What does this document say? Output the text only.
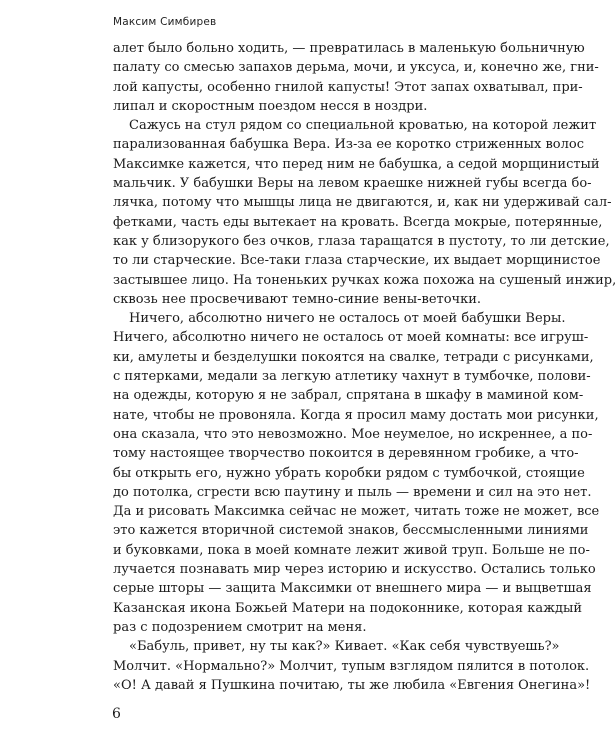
Максим Симбирев
алет было больно ходить, — превратилась в маленькую больничную
палату со смесью запахов дерьма, мочи, и уксуса, и, конечно же, гни-
лой капусты, особенно гнилой капусты! Этот запах охватывал, при-
липал и скоростным поездом несся в ноздри.
Сажусь на стул рядом со специальной кроватью, на которой лежит
парализованная бабушка Вера. Из-за ее коротко стриженных волос
Максимке кажется, что перед ним не бабушка, а седой морщинистый
мальчик. У бабушки Веры на левом краешке нижней губы всегда бо-
лячка, потому что мышцы лица не двигаются, и, как ни удерживай сал-
фетками, часть еды вытекает на кровать. Всегда мокрые, потерянные,
как у близорукого без очков, глаза таращатся в пустоту, то ли детские,
то ли старческие. Все-таки глаза старческие, их выдает морщинистое
застывшее лицо. На тоненьких ручках кожа похожа на сушеный инжир,
сквозь нее просвечивают темно-синие вены-веточки.
Ничего, абсолютно ничего не осталось от моей бабушки Веры.
Ничего, абсолютно ничего не осталось от моей комнаты: все игруш-
ки, амулеты и безделушки покоятся на свалке, тетради с рисунками,
с пятерками, медали за легкую атлетику чахнут в тумбочке, полови-
на одежды, которую я не забрал, спрятана в шкафу в маминой ком-
нате, чтобы не провоняла. Когда я просил маму достать мои рисунки,
она сказала, что это невозможно. Мое неумелое, но искреннее, а по-
тому настоящее творчество покоится в деревянном гробике, а что-
бы открыть его, нужно убрать коробки рядом с тумбочкой, стоящие
до потолка, сгрести всю паутину и пыль — времени и сил на это нет.
Да и рисовать Максимка сейчас не может, читать тоже не может, все
это кажется вторичной системой знаков, бессмысленными линиями
и буковками, пока в моей комнате лежит живой труп. Больше не по-
лучается познавать мир через историю и искусство. Остались только
серые шторы — защита Максимки от внешнего мира — и выцветшая
Казанская икона Божьей Матери на подоконнике, которая каждый
раз с подозрением смотрит на меня.
«Бабуль, привет, ну ты как?» Кивает. «Как себя чувствуешь?»
Молчит. «Нормально?» Молчит, тупым взглядом пялится в потолок.
«О! А давай я Пушкина почитаю, ты же любила «Евгения Онегина»!
6
